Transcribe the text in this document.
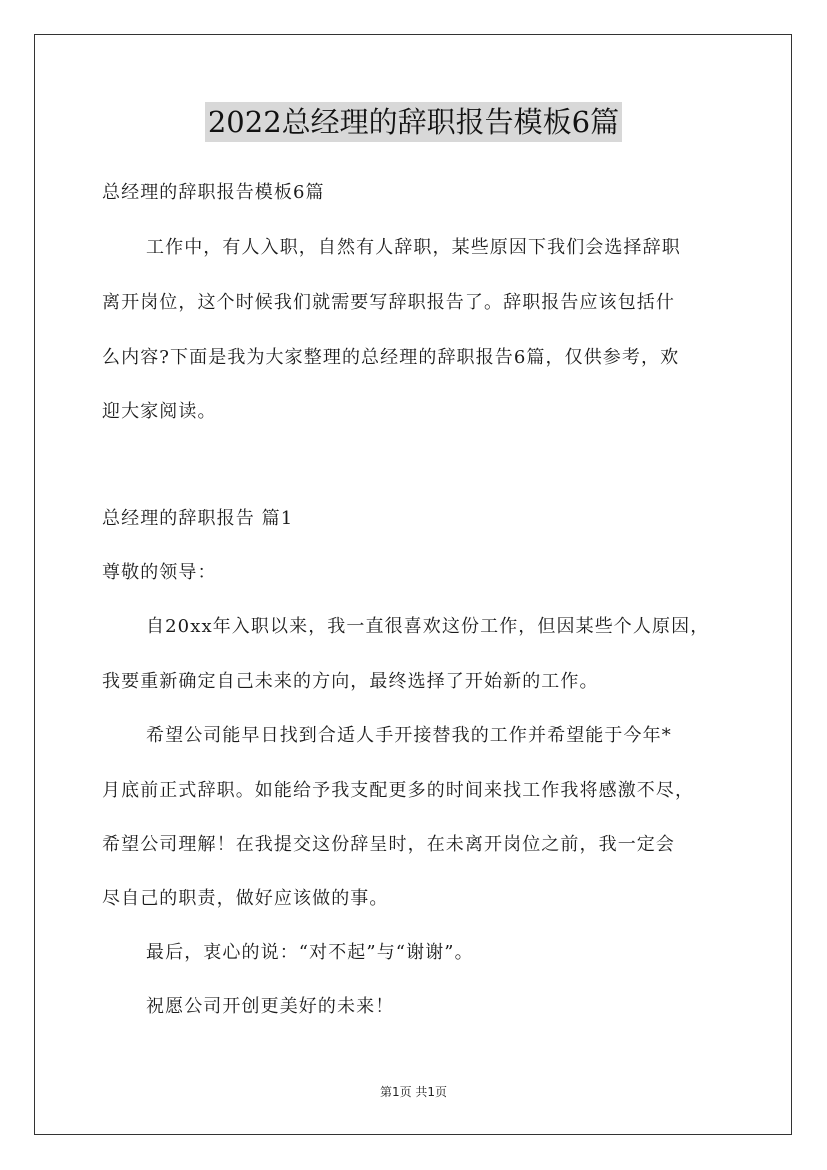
2022总经理的辞职报告模板6篇
总经理的辞职报告模板6篇
工作中，有人入职，自然有人辞职，某些原因下我们会选择辞职
离开岗位，这个时候我们就需要写辞职报告了。辞职报告应该包括什
么内容?下面是我为大家整理的总经理的辞职报告6篇，仅供参考，欢
迎大家阅读。
总经理的辞职报告 篇1
尊敬的领导：
自20xx年入职以来，我一直很喜欢这份工作，但因某些个人原因，
我要重新确定自己未来的方向，最终选择了开始新的工作。
希望公司能早日找到合适人手开接替我的工作并希望能于今年*
月底前正式辞职。如能给予我支配更多的时间来找工作我将感激不尽，
希望公司理解！在我提交这份辞呈时，在未离开岗位之前，我一定会
尽自己的职责，做好应该做的事。
最后，衷心的说：“对不起”与“谢谢”。
祝愿公司开创更美好的未来！
第1页 共1页
